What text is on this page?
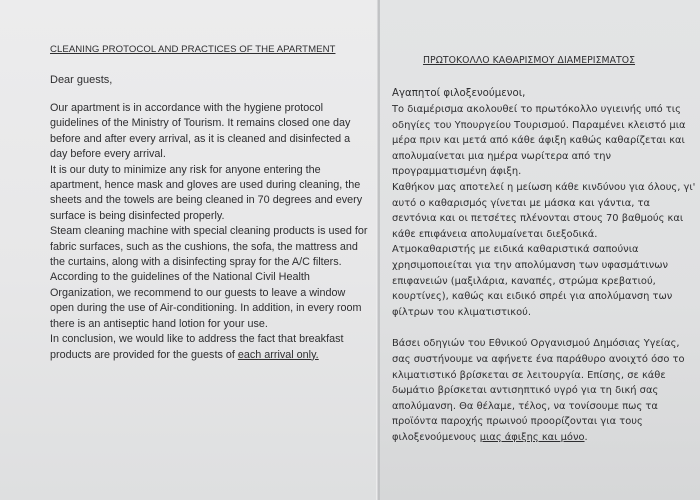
CLEANING PROTOCOL AND PRACTICES OF THE APARTMENT
Dear guests,

Our apartment is in accordance with the hygiene protocol guidelines of the Ministry of Tourism. It remains closed one day before and after every arrival, as it is cleaned and disinfected a day before every arrival.

It is our duty to minimize any risk for anyone entering the apartment, hence mask and gloves are used during cleaning, the sheets and the towels are being cleaned in 70 degrees and every surface is being disinfected properly.

Steam cleaning machine with special cleaning products is used for fabric surfaces, such as the cushions, the sofa, the mattress and the curtains, along with a disinfecting spray for the A/C filters.

According to the guidelines of the National Civil Health Organization, we recommend to our guests to leave a window open during the use of Air-conditioning. In addition, in every room there is an antiseptic hand lotion for your use.

In conclusion, we would like to address the fact that breakfast products are provided for the guests of each arrival only.

ΠΡΩΤΟΚΟΛΛΟ ΚΑΘΑΡΙΣΜΟΥ ΔΙΑΜΕΡΙΣΜΑΤΟΣ
Αγαπητοί φιλοξενούμενοι,

Το διαμέρισμα ακολουθεί το πρωτόκολλο υγιεινής υπό τις οδηγίες του Υπουργείου Τουρισμού. Παραμένει κλειστό μια μέρα πριν και μετά από κάθε άφιξη καθώς καθαρίζεται και απολυμαίνεται μια ημέρα νωρίτερα από την προγραμματισμένη άφιξη.

Καθήκον μας αποτελεί η μείωση κάθε κινδύνου για όλους, γι' αυτό ο καθαρισμός γίνεται με μάσκα και γάντια, τα σεντόνια και οι πετσέτες πλένονται στους 70 βαθμούς και κάθε επιφάνεια απολυμαίνεται διεξοδικά.

Ατμοκαθαριστής με ειδικά καθαριστικά σαπούνια χρησιμοποιείται για την απολύμανση των υφασμάτινων επιφανειών (μαξιλάρια, καναπές, στρώμα κρεβατιού, κουρτίνες), καθώς και ειδικό σπρέι για απολύμανση των φίλτρων του κλιματιστικού.

Βάσει οδηγιών του Εθνικού Οργανισμού Δημόσιας Υγείας, σας συστήνουμε να αφήνετε ένα παράθυρο ανοιχτό όσο το κλιματιστικό βρίσκεται σε λειτουργία. Επίσης, σε κάθε δωμάτιο βρίσκεται αντισηπτικό υγρό για τη δική σας απολύμανση. Θα θέλαμε, τέλος, να τονίσουμε πως τα προϊόντα παροχής πρωινού προορίζονται για τους φιλοξενούμενους μιας άφιξης και μόνο.
